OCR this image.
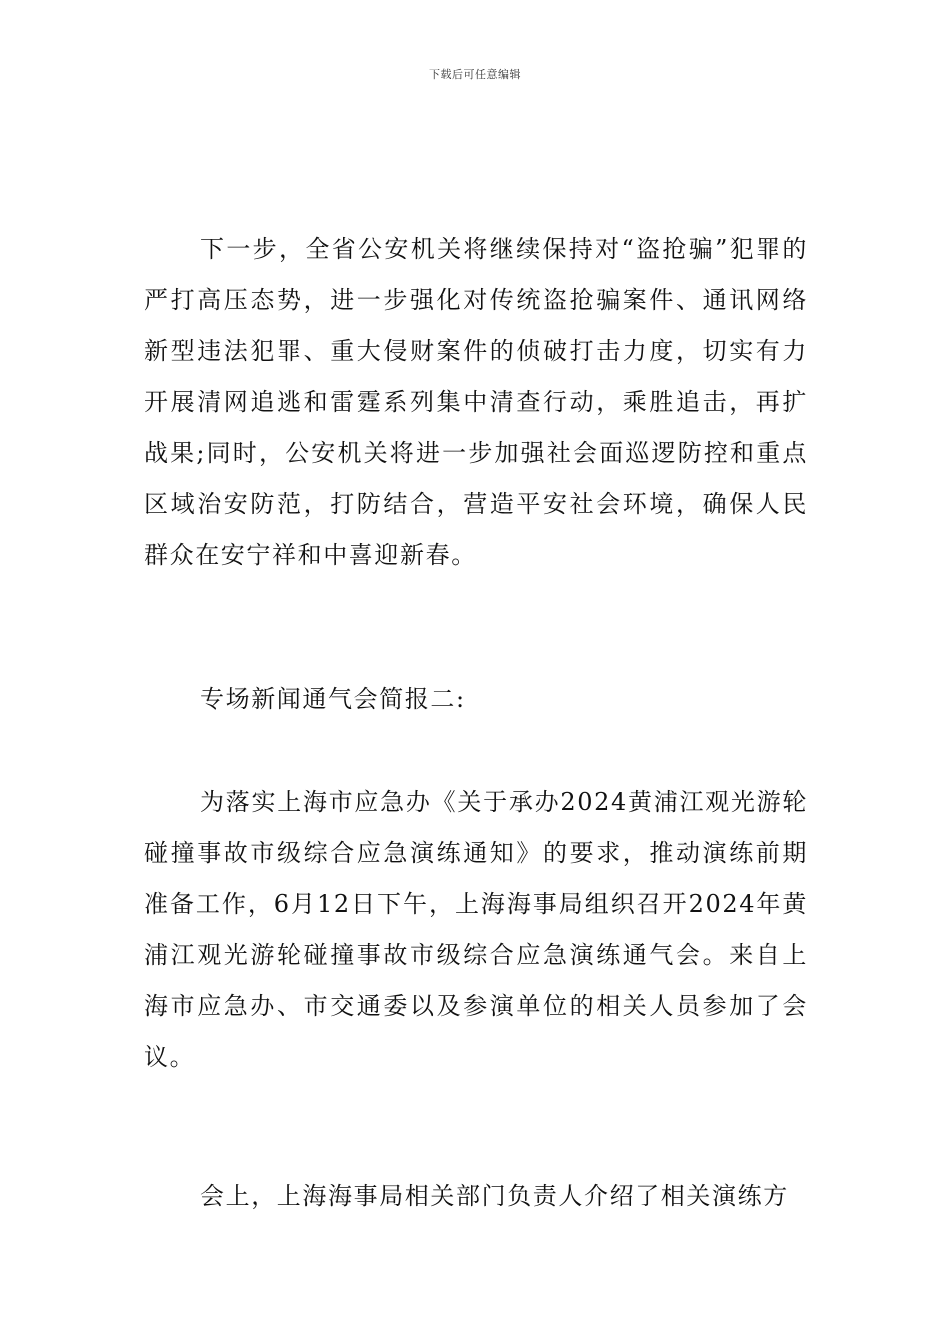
下载后可任意编辑

下一步，全省公安机关将继续保持对“盗抢骗”犯罪的严打高压态势，进一步强化对传统盗抢骗案件、通讯网络新型违法犯罪、重大侵财案件的侦破打击力度，切实有力开展清网追逃和雷霆系列集中清查行动，乘胜追击，再扩战果;同时，公安机关将进一步加强社会面巡逻防控和重点区域治安防范，打防结合，营造平安社会环境，确保人民群众在安宁祥和中喜迎新春。

专场新闻通气会简报二:

为落实上海市应急办《关于承办2024黄浦江观光游轮碰撞事故市级综合应急演练通知》的要求，推动演练前期准备工作，6月12日下午，上海海事局组织召开2024年黄浦江观光游轮碰撞事故市级综合应急演练通气会。来自上海市应急办、市交通委以及参演单位的相关人员参加了会议。

会上，上海海事局相关部门负责人介绍了相关演练方
